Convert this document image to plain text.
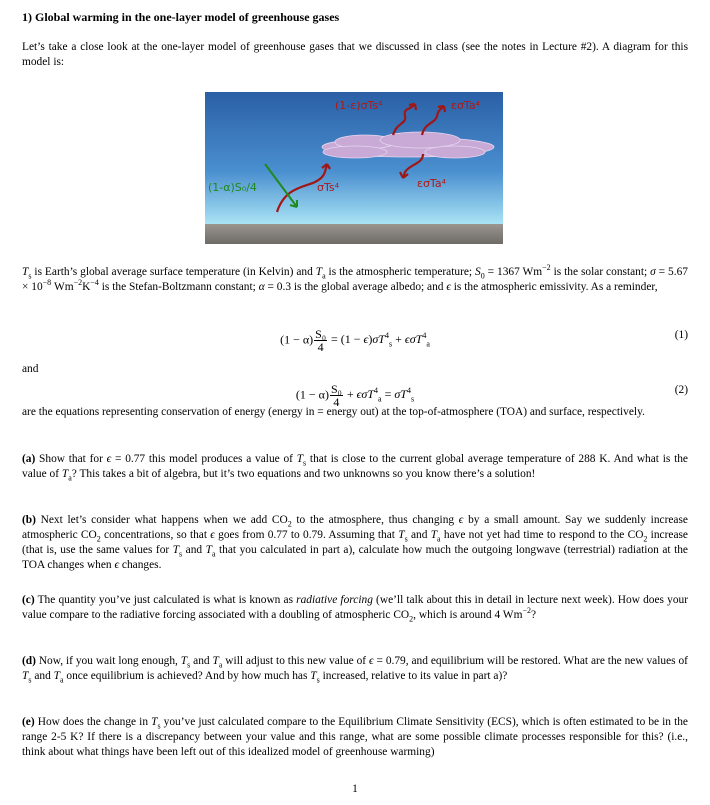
1) Global warming in the one-layer model of greenhouse gases
Let’s take a close look at the one-layer model of greenhouse gases that we discussed in class (see the notes in Lecture #2). A diagram for this model is:
(1-ε)σTs⁴	εσTa⁴
(1-α)S₀/4	σTs⁴	εσTa⁴
$T_s$ is Earth’s global average surface temperature (in Kelvin) and $T_a$ is the atmospheric temperature; $S_0 = 1367$ $Wm^{-2}$ is the solar constant; $\sigma = 5.67 \times 10^{-8}$ $Wm^{-2}K^{-4}$ is the Stefan-Boltzmann constant; α = 0.3 is the global average albedo; and ϵ is the atmospheric emissivity. As a reminder,
$(1 - \alpha) \frac{\text{S₀}}{4} = (1 - \epsilon)\sigma T^4_s + \epsilon\sigma T^4_a$
(1)
and
$(1 - \alpha) \frac{\text{S₀}}{4} + \epsilon\sigma T^4_a = \sigma T^4_s$
(2)
are the equations representing conservation of energy (energy in = energy out) at the top-of-atmosphere (TOA) and surface, respectively.
(a) Show that for ϵ = 0.77 this model produces a value of $T_s$ that is close to the current global average temperature of 288 K. And what is the value of $T_a$? This takes a bit of algebra, but it’s two equations and two unknowns so you know there’s a solution!
(b) Next let’s consider what happens when we add $CO_2$ to the atmosphere, thus changing ϵ by a small amount. Say we suddenly increase atmospheric $CO_2$ concentrations, so that ϵ goes from 0.77 to 0.79. Assuming that $T_s$ and $T_a$ have not yet had time to respond to the $CO_2$ increase (that is, use the same values for $T_s$ and $T_a$ that you calculated in part a), calculate how much the outgoing longwave (terrestrial) radiation at the TOA changes when ϵ changes.
(c) The quantity you’ve just calculated is what is known as radiative forcing (we’ll talk about this in detail in lecture next week). How does your value compare to the radiative forcing associated with a doubling of atmospheric $CO_2$, which is around 4 $Wm^{-2}$?
(d) Now, if you wait long enough, $T_s$ and $T_a$ will adjust to this new value of ϵ = 0.79, and equilibrium will be restored. What are the new values of $T_s$ and $T_a$ once equilibrium is achieved? And by how much has $T_s$ increased, relative to its value in part a)?
(e) How does the change in $T_s$ you’ve just calculated compare to the Equilibrium Climate Sensitivity (ECS), which is often estimated to be in the range 2-5 K? If there is a discrepancy between your value and this range, what are some possible climate processes responsible for this? (i.e., think about what things have been left out of this idealized model of greenhouse warming)
1
